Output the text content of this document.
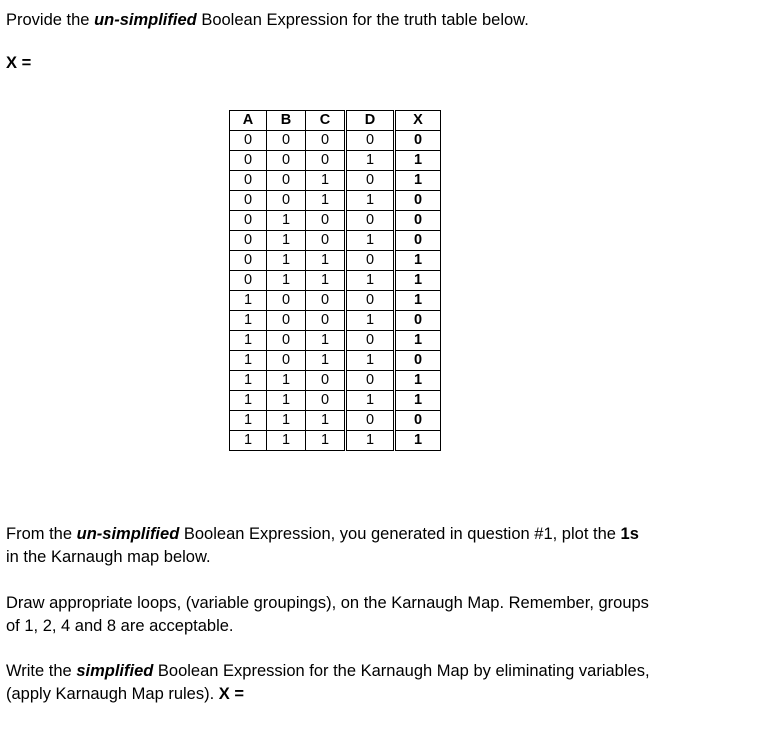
Provide the un-simplified Boolean Expression for the truth table below.

X =

A	B	C	D	X
0	0	0	0	0
0	0	0	1	1
0	0	1	0	1
0	0	1	1	0
0	1	0	0	0
0	1	0	1	0
0	1	1	0	1
0	1	1	1	1
1	0	0	0	1
1	0	0	1	0
1	0	1	0	1
1	0	1	1	0
1	1	0	0	1
1	1	0	1	1
1	1	1	0	0
1	1	1	1	1

From the un-simplified Boolean Expression, you generated in question #1, plot the 1s
in the Karnaugh map below.

Draw appropriate loops, (variable groupings), on the Karnaugh Map. Remember, groups
of 1, 2, 4 and 8 are acceptable.

Write the simplified Boolean Expression for the Karnaugh Map by eliminating variables,
(apply Karnaugh Map rules). X =
